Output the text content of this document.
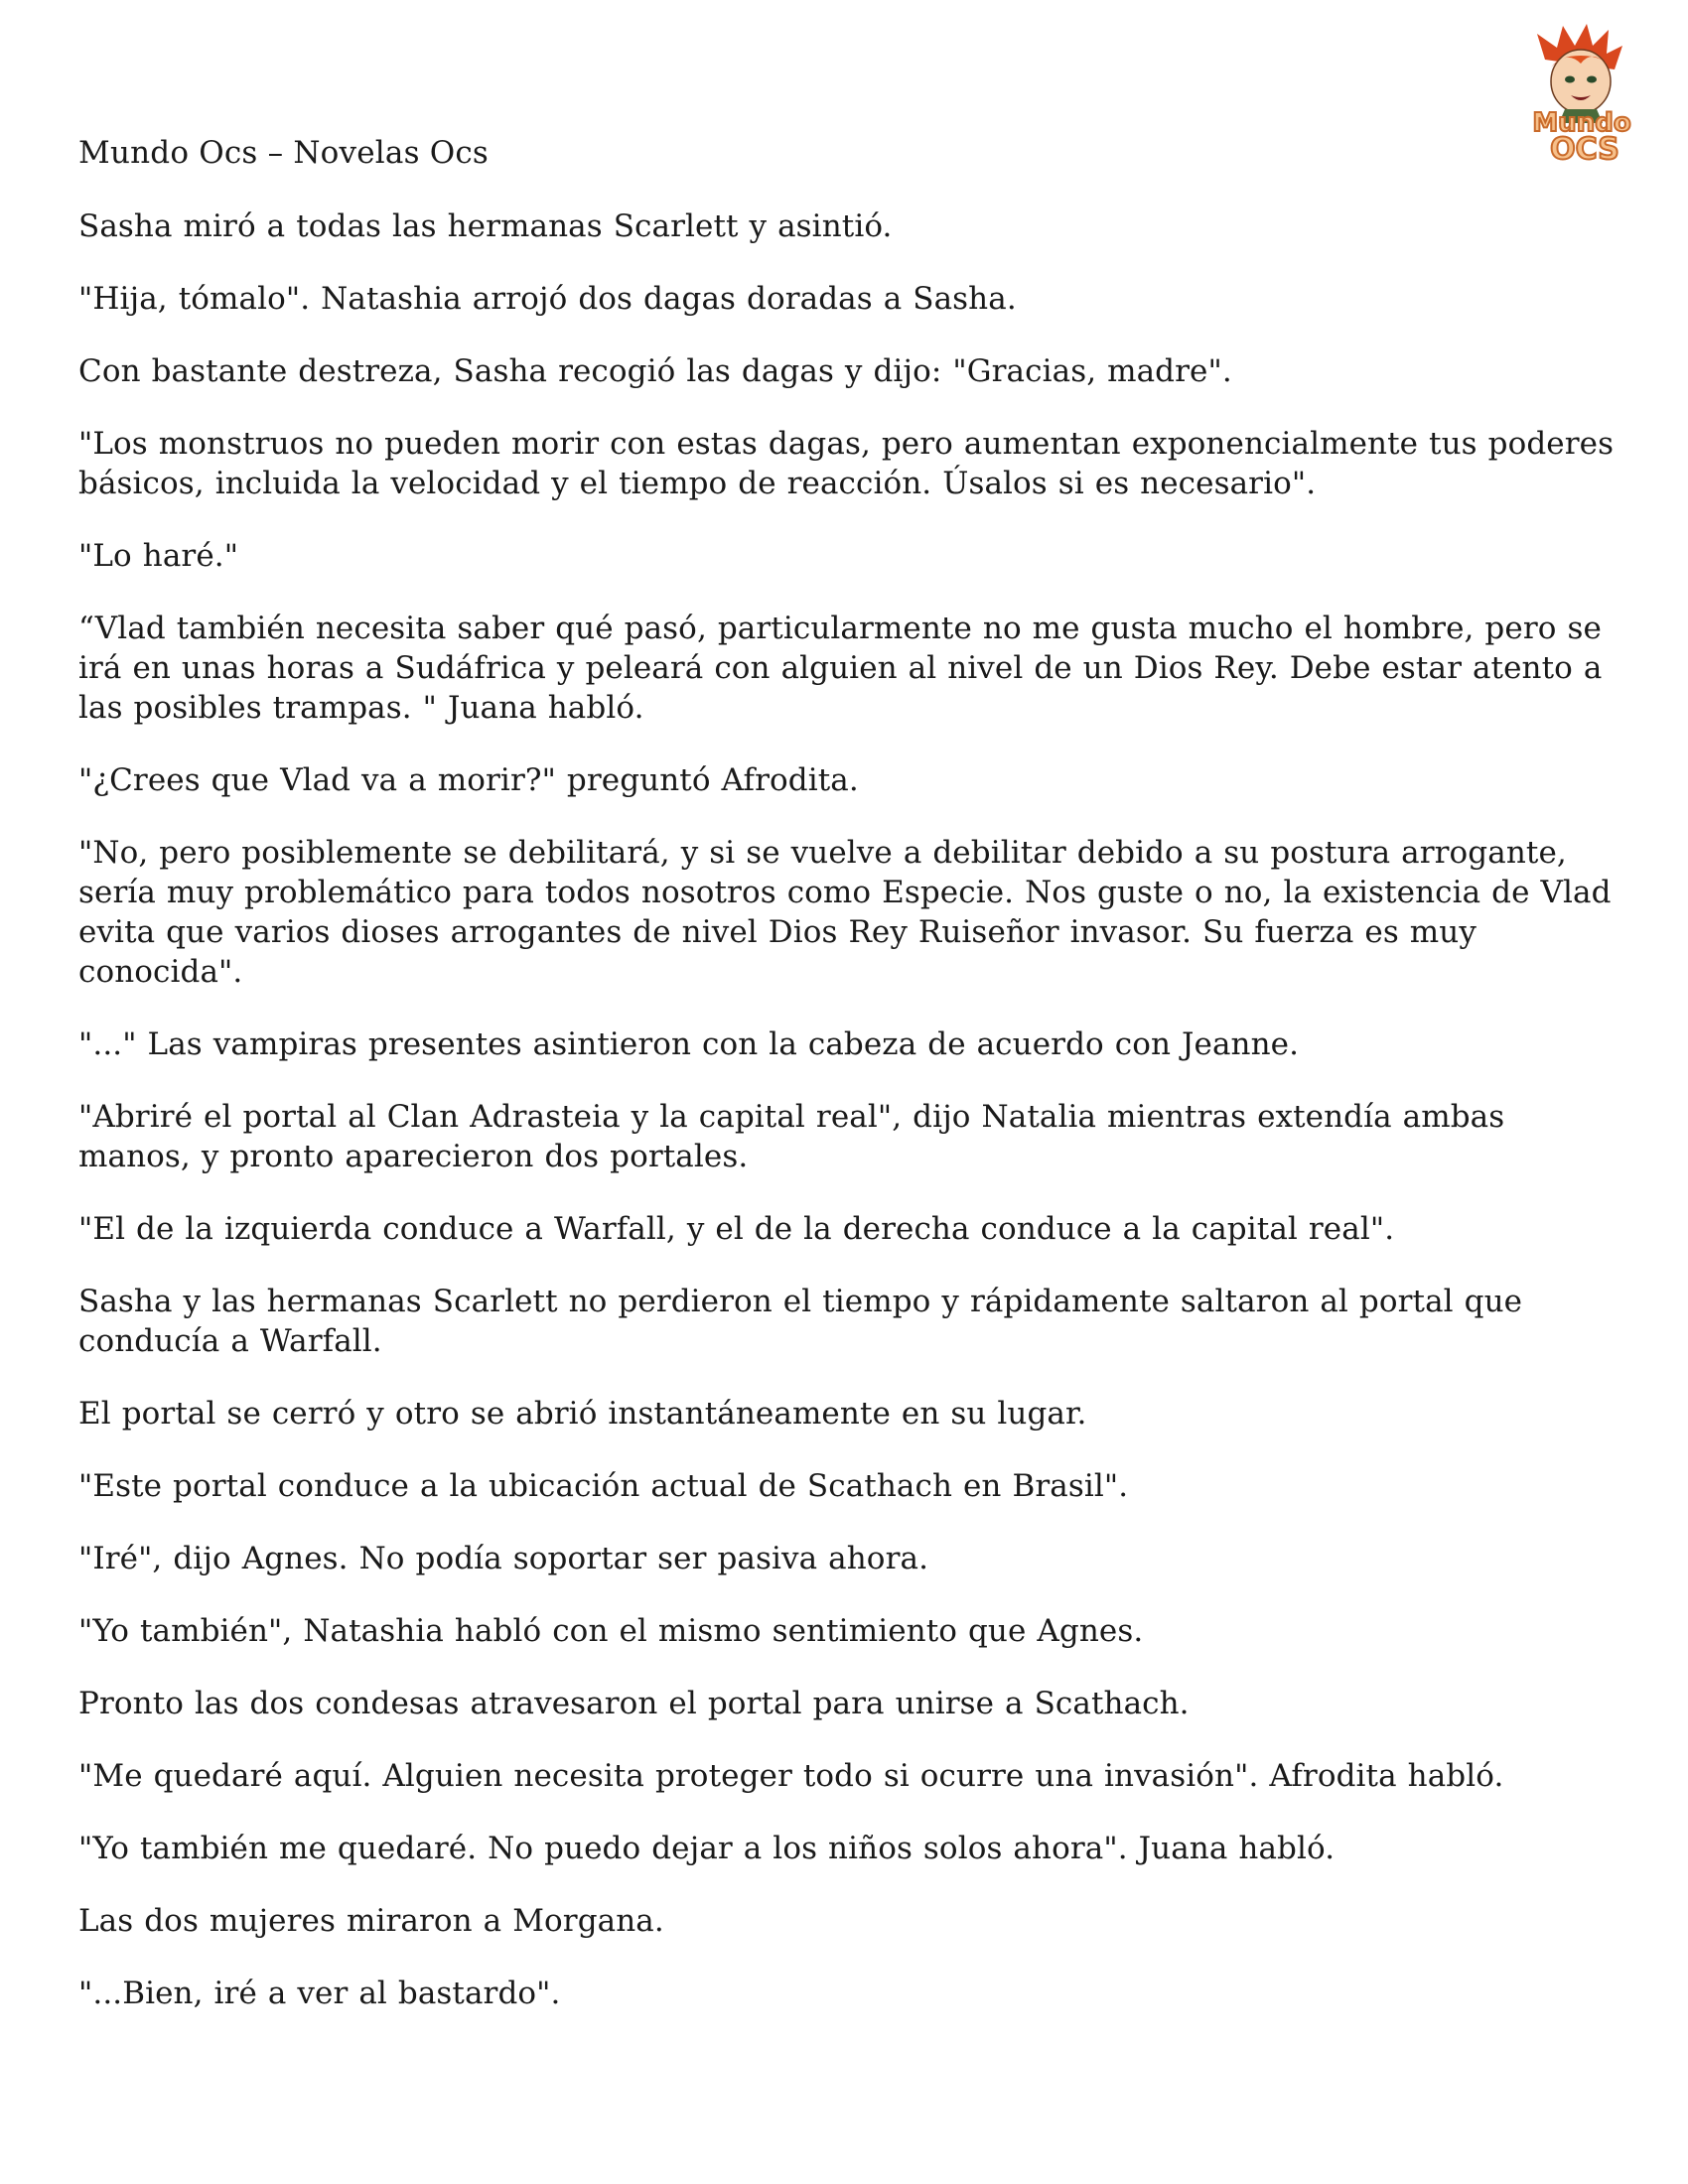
Mundo
OCS
Mundo Ocs – Novelas Ocs

Sasha miró a todas las hermanas Scarlett y asintió.

"Hija, tómalo". Natashia arrojó dos dagas doradas a Sasha.

Con bastante destreza, Sasha recogió las dagas y dijo: "Gracias, madre".

"Los monstruos no pueden morir con estas dagas, pero aumentan exponencialmente tus poderes básicos, incluida la velocidad y el tiempo de reacción. Úsalos si es necesario".

"Lo haré."

“Vlad también necesita saber qué pasó, particularmente no me gusta mucho el hombre, pero se irá en unas horas a Sudáfrica y peleará con alguien al nivel de un Dios Rey. Debe estar atento a las posibles trampas. " Juana habló.

"¿Crees que Vlad va a morir?" preguntó Afrodita.

"No, pero posiblemente se debilitará, y si se vuelve a debilitar debido a su postura arrogante, sería muy problemático para todos nosotros como Especie. Nos guste o no, la existencia de Vlad evita que varios dioses arrogantes de nivel Dios Rey Ruiseñor invasor. Su fuerza es muy conocida".

"..." Las vampiras presentes asintieron con la cabeza de acuerdo con Jeanne.

"Abriré el portal al Clan Adrasteia y la capital real", dijo Natalia mientras extendía ambas manos, y pronto aparecieron dos portales.

"El de la izquierda conduce a Warfall, y el de la derecha conduce a la capital real".

Sasha y las hermanas Scarlett no perdieron el tiempo y rápidamente saltaron al portal que conducía a Warfall.

El portal se cerró y otro se abrió instantáneamente en su lugar.

"Este portal conduce a la ubicación actual de Scathach en Brasil".

"Iré", dijo Agnes. No podía soportar ser pasiva ahora.

"Yo también", Natashia habló con el mismo sentimiento que Agnes.

Pronto las dos condesas atravesaron el portal para unirse a Scathach.

"Me quedaré aquí. Alguien necesita proteger todo si ocurre una invasión". Afrodita habló.

"Yo también me quedaré. No puedo dejar a los niños solos ahora". Juana habló.

Las dos mujeres miraron a Morgana.

"...Bien, iré a ver al bastardo".
